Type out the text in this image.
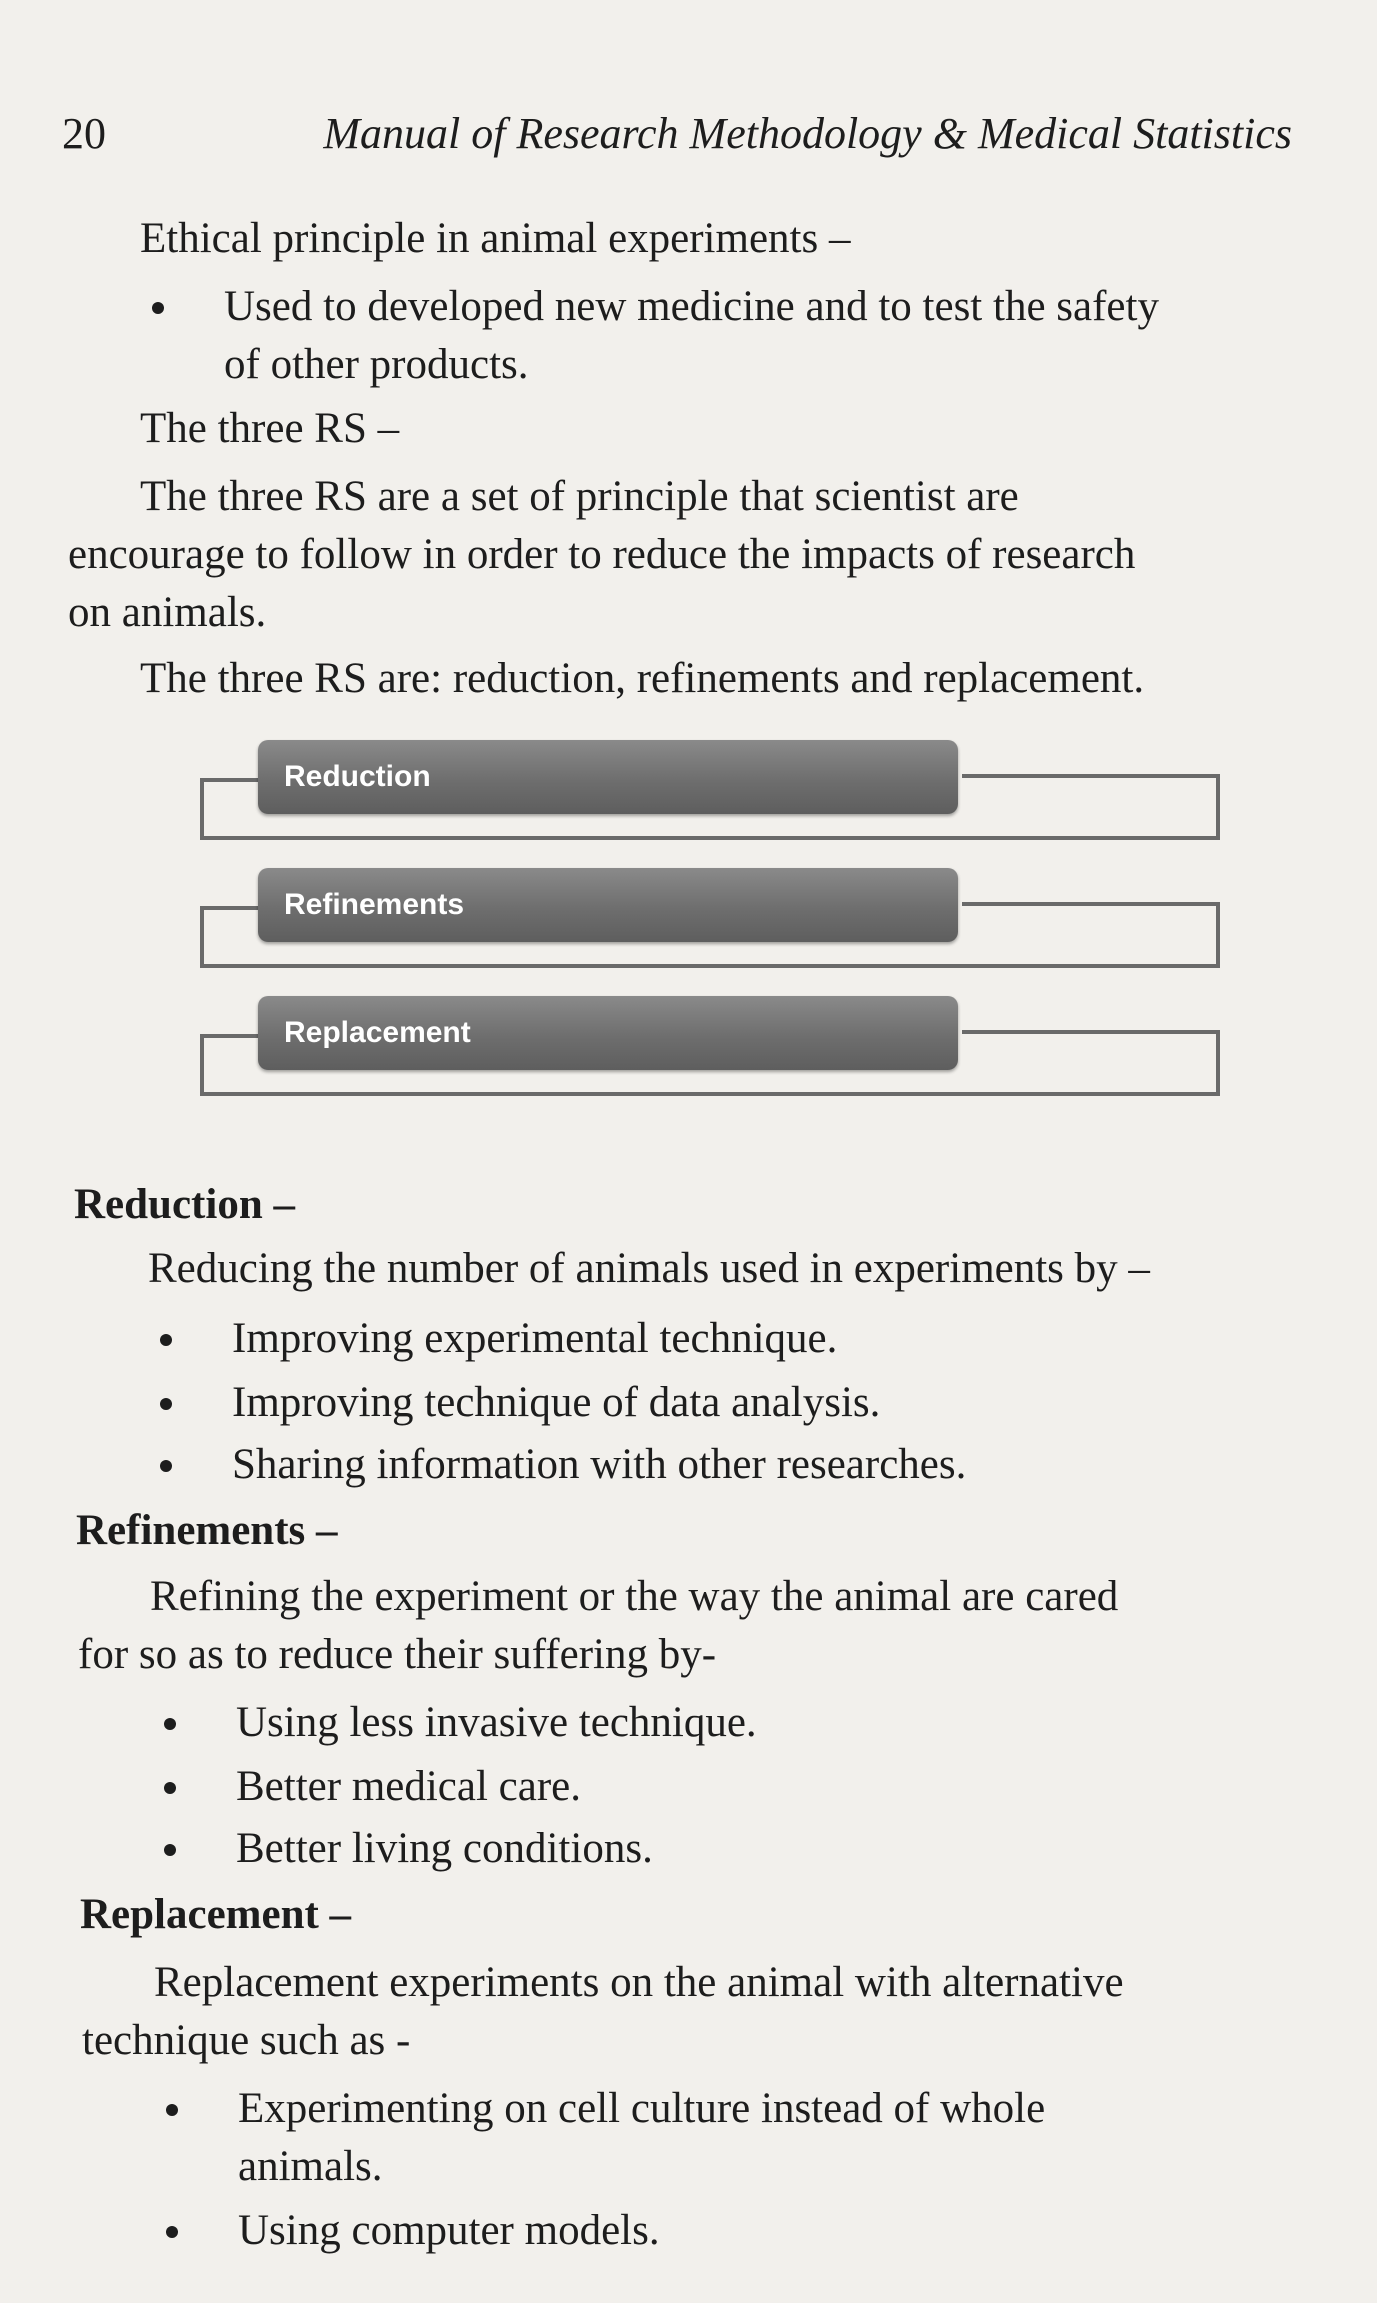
20	Manual of Research Methodology & Medical Statistics

Ethical principle in animal experiments –

Used to developed new medicine and to test the safety
of other products.

The three RS –

The three RS are a set of principle that scientist are

encourage to follow in order to reduce the impacts of research

on animals.

The three RS are: reduction, refinements and replacement.

Reduction
Refinements
Replacement

Reduction –

Reducing the number of animals used in experiments by –

Improving experimental technique.
Improving technique of data analysis.
Sharing information with other researches.

Refinements –

Refining the experiment or the way the animal are cared

for so as to reduce their suffering by-

Using less invasive technique.
Better medical care.
Better living conditions.

Replacement –

Replacement experiments on the animal with alternative

technique such as -

Experimenting on cell culture instead of whole
animals.
Using computer models.
